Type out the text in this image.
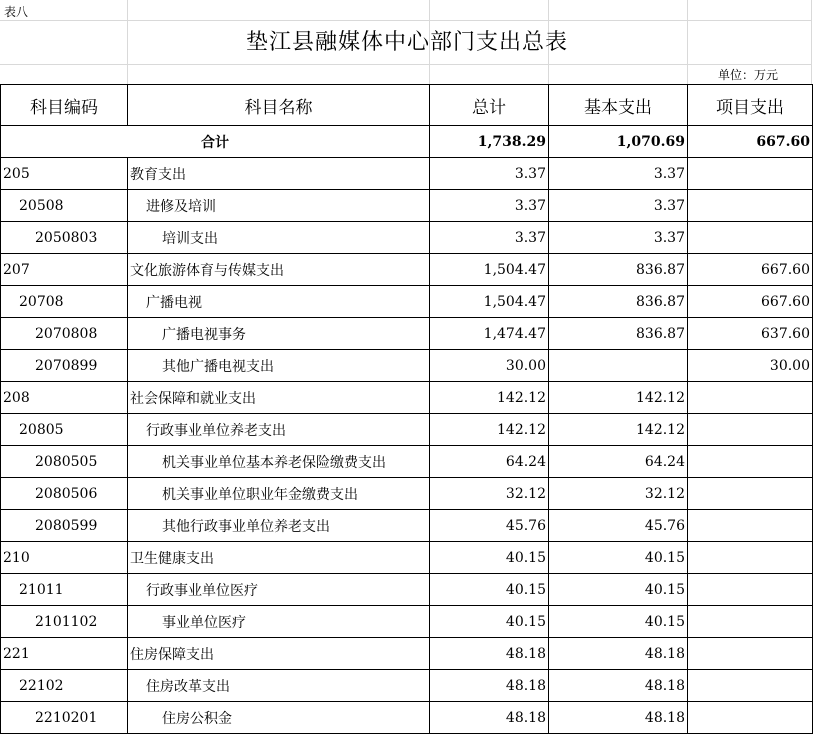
表八
垫江县融媒体中心部门支出总表
单位：万元
科目编码	科目名称	总计	基本支出	项目支出
合计		1,738.29	1,070.69	667.60
205	教育支出	3.37	3.37	
20508	进修及培训	3.37	3.37	
2050803	培训支出	3.37	3.37	
207	文化旅游体育与传媒支出	1,504.47	836.87	667.60
20708	广播电视	1,504.47	836.87	667.60
2070808	广播电视事务	1,474.47	836.87	637.60
2070899	其他广播电视支出	30.00		30.00
208	社会保障和就业支出	142.12	142.12	
20805	行政事业单位养老支出	142.12	142.12	
2080505	机关事业单位基本养老保险缴费支出	64.24	64.24	
2080506	机关事业单位职业年金缴费支出	32.12	32.12	
2080599	其他行政事业单位养老支出	45.76	45.76	
210	卫生健康支出	40.15	40.15	
21011	行政事业单位医疗	40.15	40.15	
2101102	事业单位医疗	40.15	40.15	
221	住房保障支出	48.18	48.18	
22102	住房改革支出	48.18	48.18	
2210201	住房公积金	48.18	48.18	
